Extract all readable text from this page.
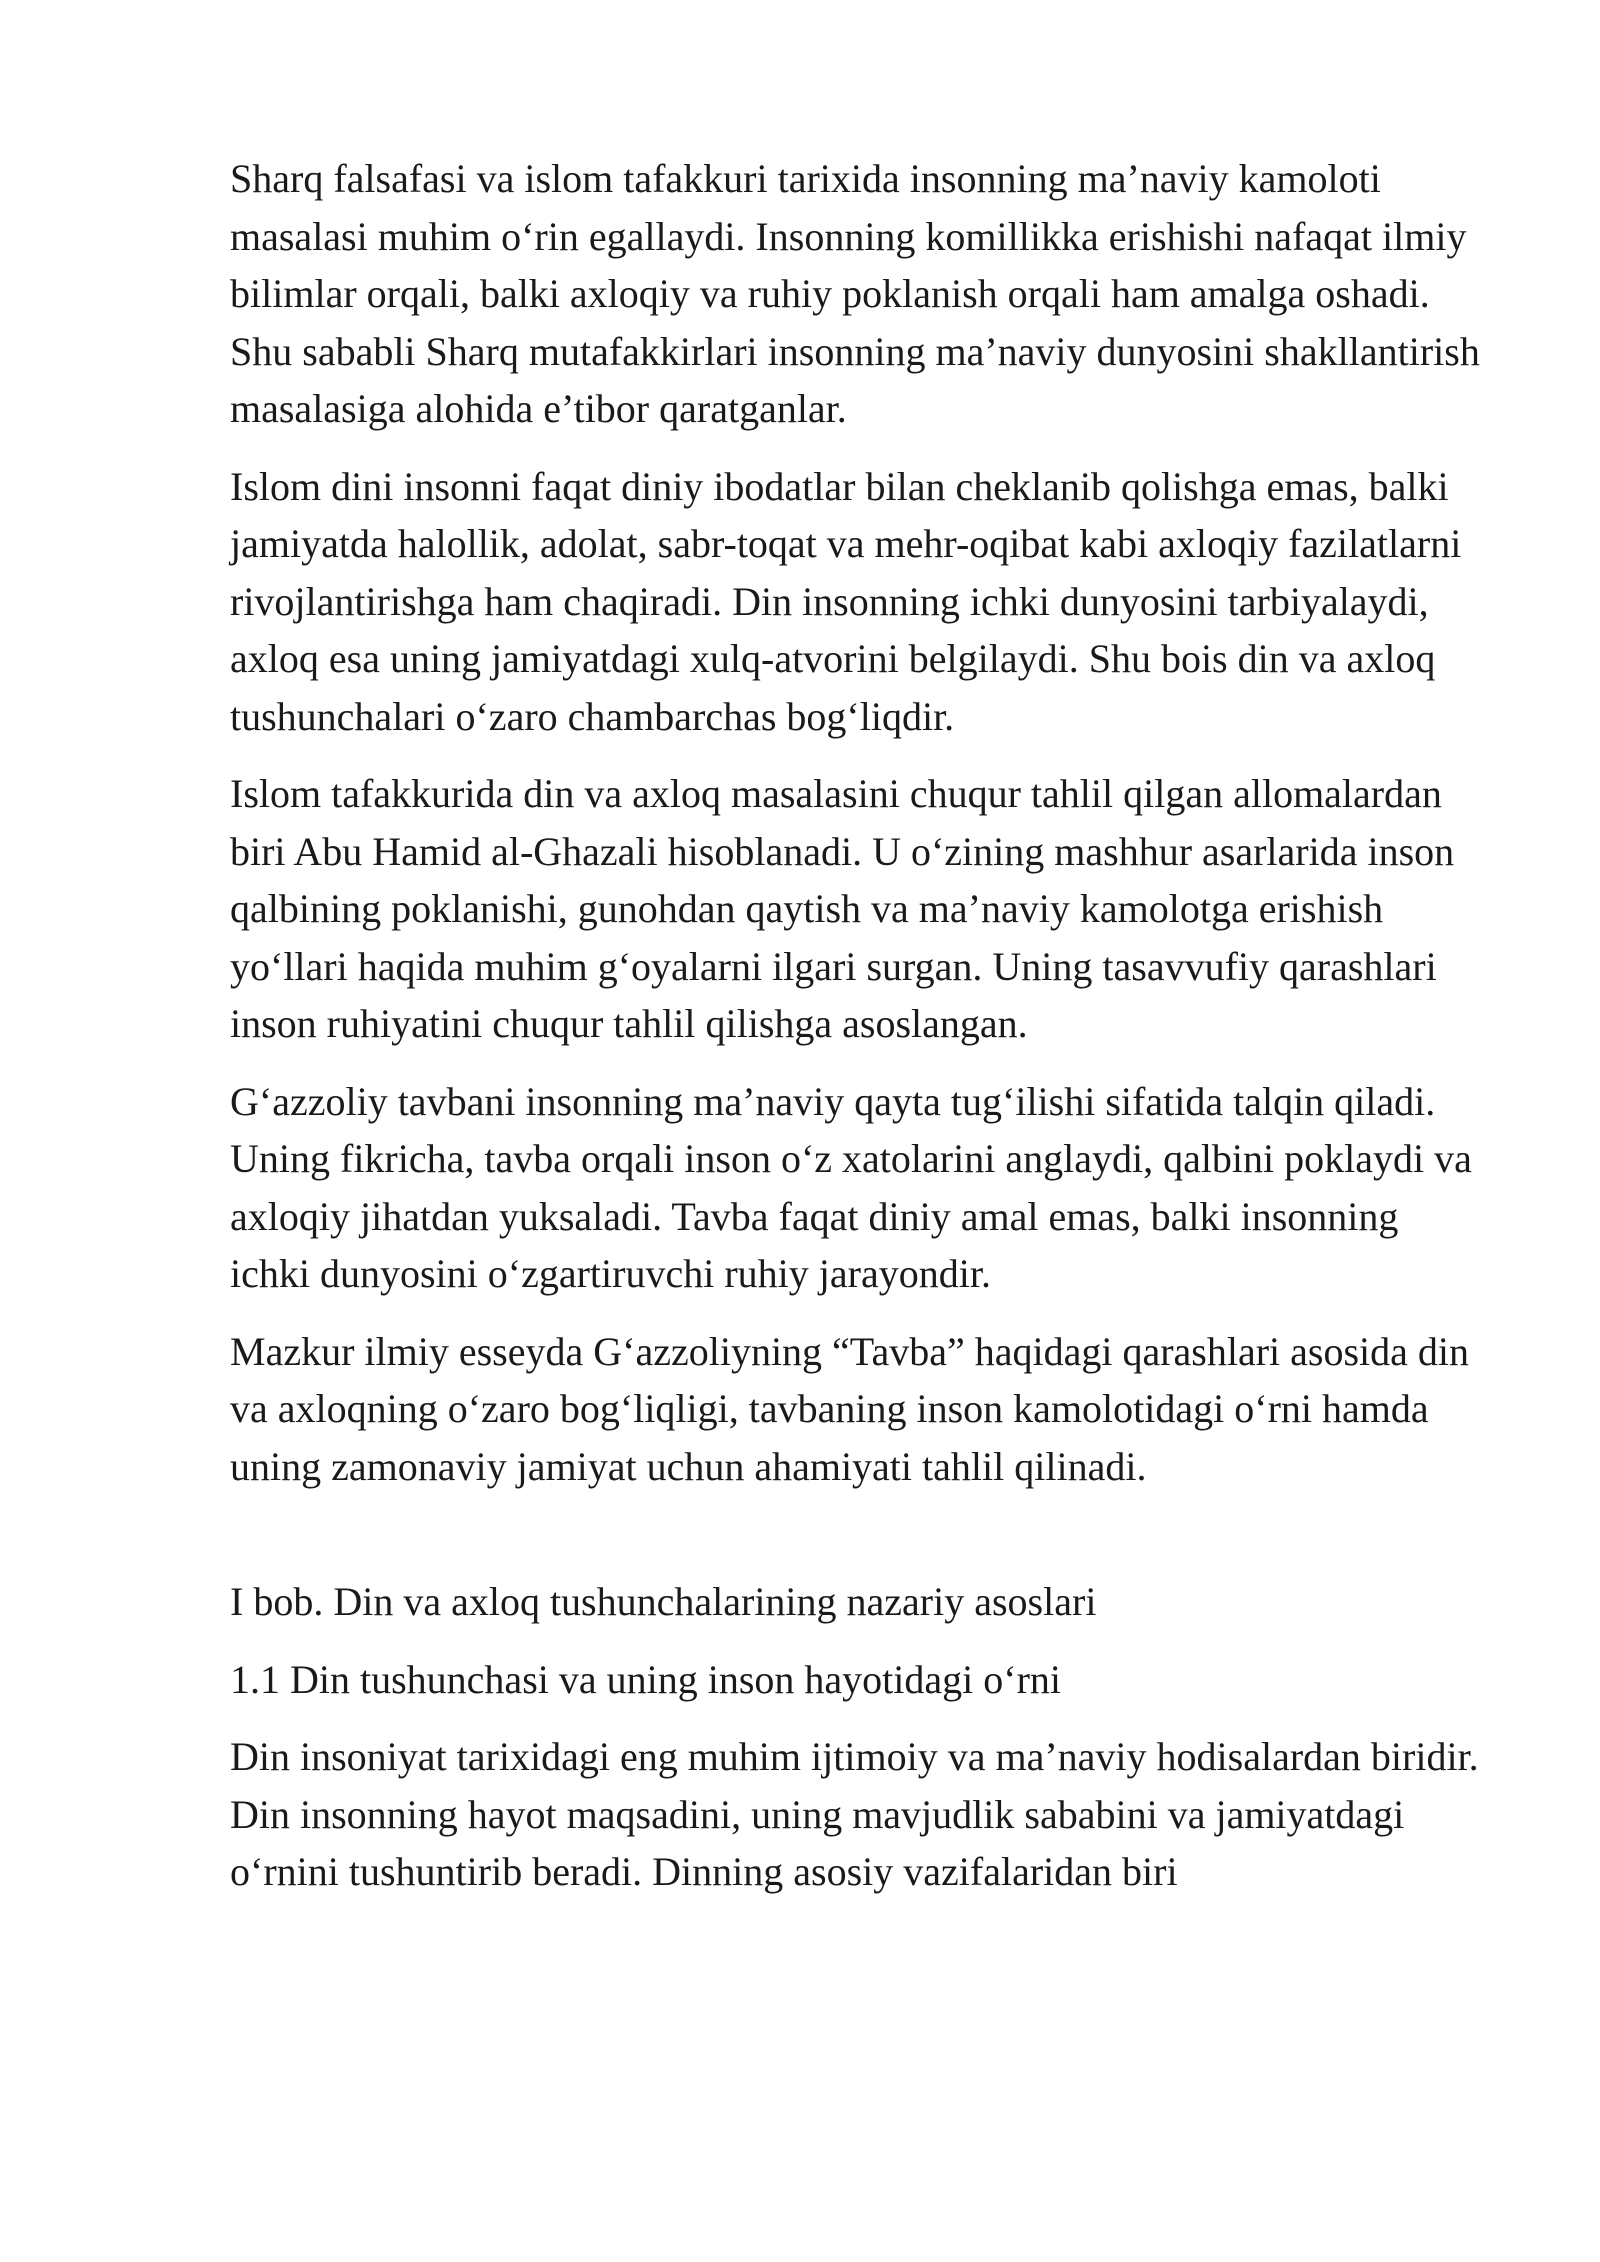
Sharq falsafasi va islom tafakkuri tarixida insonning ma’naviy kamoloti masalasi muhim o‘rin egallaydi. Insonning komillikka erishishi nafaqat ilmiy bilimlar orqali, balki axloqiy va ruhiy poklanish orqali ham amalga oshadi. Shu sababli Sharq mutafakkirlari insonning ma’naviy dunyosini shakllantirish masalasiga alohida e’tibor qaratganlar.

Islom dini insonni faqat diniy ibodatlar bilan cheklanib qolishga emas, balki jamiyatda halollik, adolat, sabr-toqat va mehr-oqibat kabi axloqiy fazilatlarni rivojlantirishga ham chaqiradi. Din insonning ichki dunyosini tarbiyalaydi, axloq esa uning jamiyatdagi xulq-atvorini belgilaydi. Shu bois din va axloq tushunchalari o‘zaro chambarchas bog‘liqdir.

Islom tafakkurida din va axloq masalasini chuqur tahlil qilgan allomalardan biri Abu Hamid al-Ghazali hisoblanadi. U o‘zining mashhur asarlarida inson qalbining poklanishi, gunohdan qaytish va ma’naviy kamolotga erishish yo‘llari haqida muhim g‘oyalarni ilgari surgan. Uning tasavvufiy qarashlari inson ruhiyatini chuqur tahlil qilishga asoslangan.

G‘azzoliy tavbani insonning ma’naviy qayta tug‘ilishi sifatida talqin qiladi. Uning fikricha, tavba orqali inson o‘z xatolarini anglaydi, qalbini poklaydi va axloqiy jihatdan yuksaladi. Tavba faqat diniy amal emas, balki insonning ichki dunyosini o‘zgartiruvchi ruhiy jarayondir.

Mazkur ilmiy esseyda G‘azzoliyning “Tavba” haqidagi qarashlari asosida din va axloqning o‘zaro bog‘liqligi, tavbaning inson kamolotidagi o‘rni hamda uning zamonaviy jamiyat uchun ahamiyati tahlil qilinadi.

I bob. Din va axloq tushunchalarining nazariy asoslari

1.1 Din tushunchasi va uning inson hayotidagi o‘rni

Din insoniyat tarixidagi eng muhim ijtimoiy va ma’naviy hodisalardan biridir. Din insonning hayot maqsadini, uning mavjudlik sababini va jamiyatdagi o‘rnini tushuntirib beradi. Dinning asosiy vazifalaridan biri
